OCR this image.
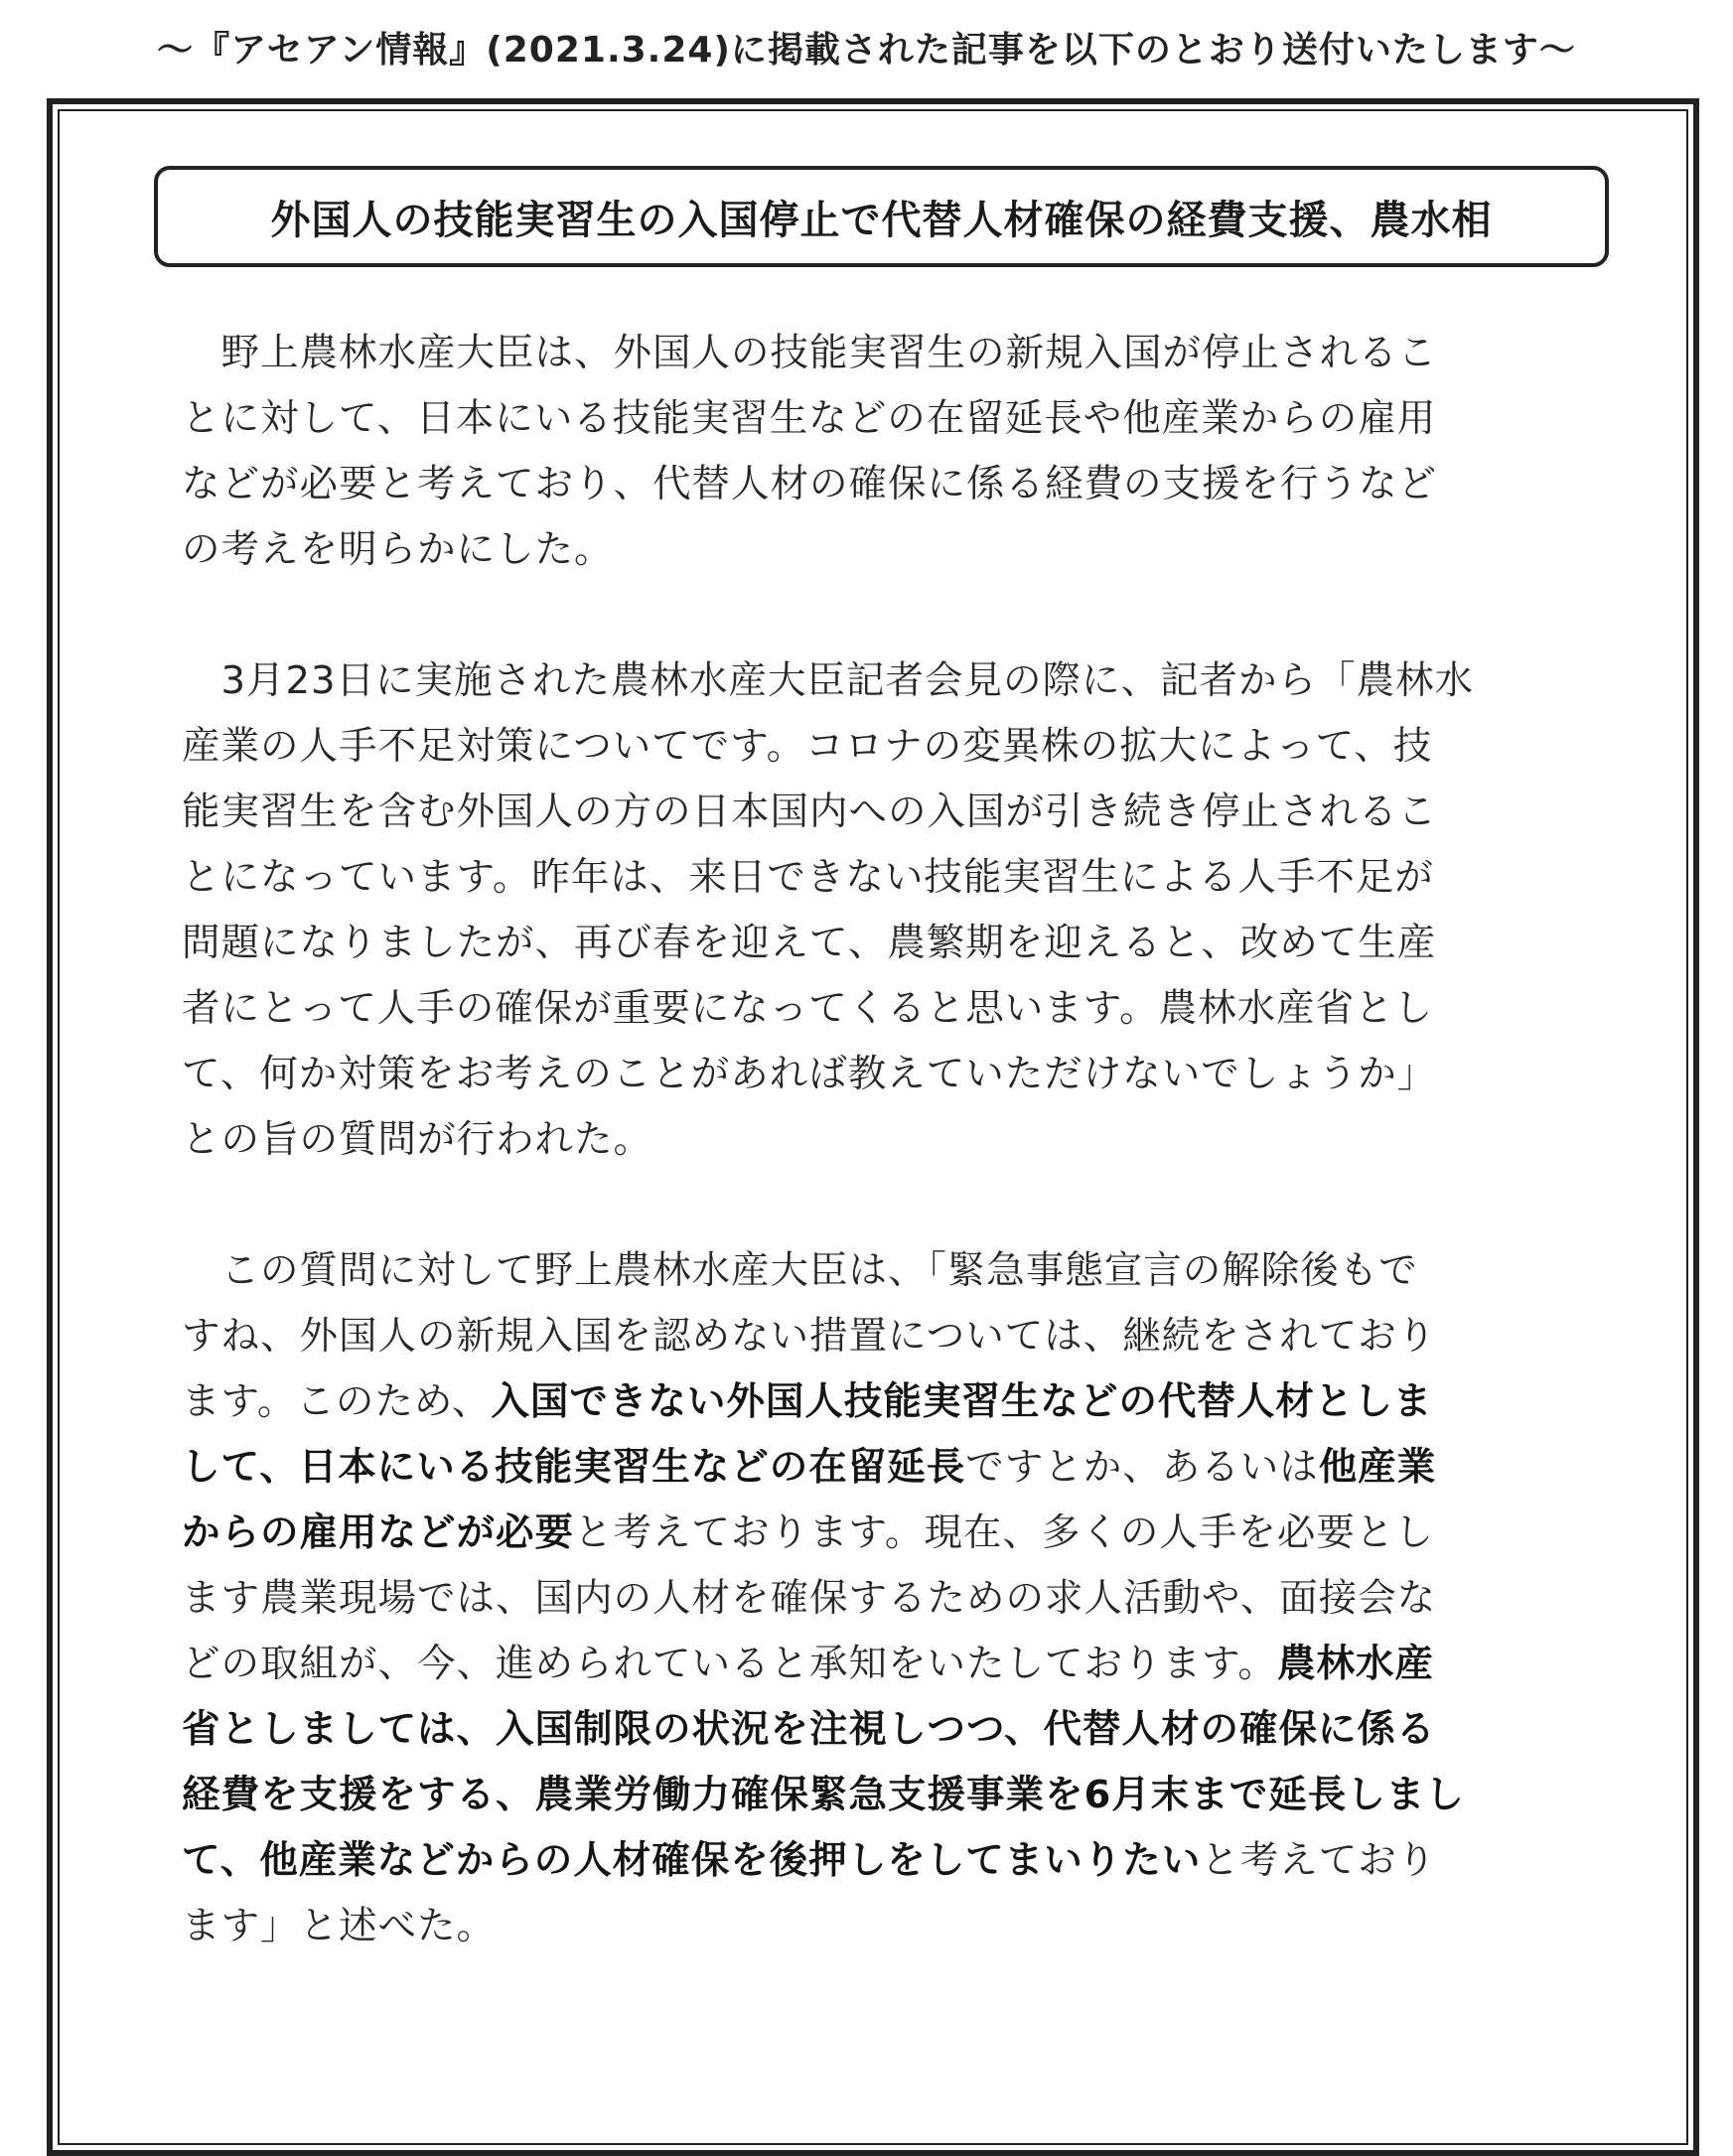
〜『アセアン情報』(2021.3.24)に掲載された記事を以下のとおり送付いたします〜
外国人の技能実習生の入国停止で代替人材確保の経費支援、農水相
　野上農林水産大臣は、外国人の技能実習生の新規入国が停止されるこ
とに対して、日本にいる技能実習生などの在留延長や他産業からの雇用
などが必要と考えており、代替人材の確保に係る経費の支援を行うなど
の考えを明らかにした。
　3月23日に実施された農林水産大臣記者会見の際に、記者から「農林水
産業の人手不足対策についてです。コロナの変異株の拡大によって、技
能実習生を含む外国人の方の日本国内への入国が引き続き停止されるこ
とになっています。昨年は、来日できない技能実習生による人手不足が
問題になりましたが、再び春を迎えて、農繁期を迎えると、改めて生産
者にとって人手の確保が重要になってくると思います。農林水産省とし
て、何か対策をお考えのことがあれば教えていただけないでしょうか」
との旨の質問が行われた。
　この質問に対して野上農林水産大臣は、「緊急事態宣言の解除後もで
すね、外国人の新規入国を認めない措置については、継続をされており
ます。このため、入国できない外国人技能実習生などの代替人材としま
して、日本にいる技能実習生などの在留延長ですとか、あるいは他産業
からの雇用などが必要と考えております。現在、多くの人手を必要とし
ます農業現場では、国内の人材を確保するための求人活動や、面接会な
どの取組が、今、進められていると承知をいたしております。農林水産
省としましては、入国制限の状況を注視しつつ、代替人材の確保に係る
経費を支援をする、農業労働力確保緊急支援事業を6月末まで延長しまし
て、他産業などからの人材確保を後押しをしてまいりたいと考えており
ます」と述べた。
